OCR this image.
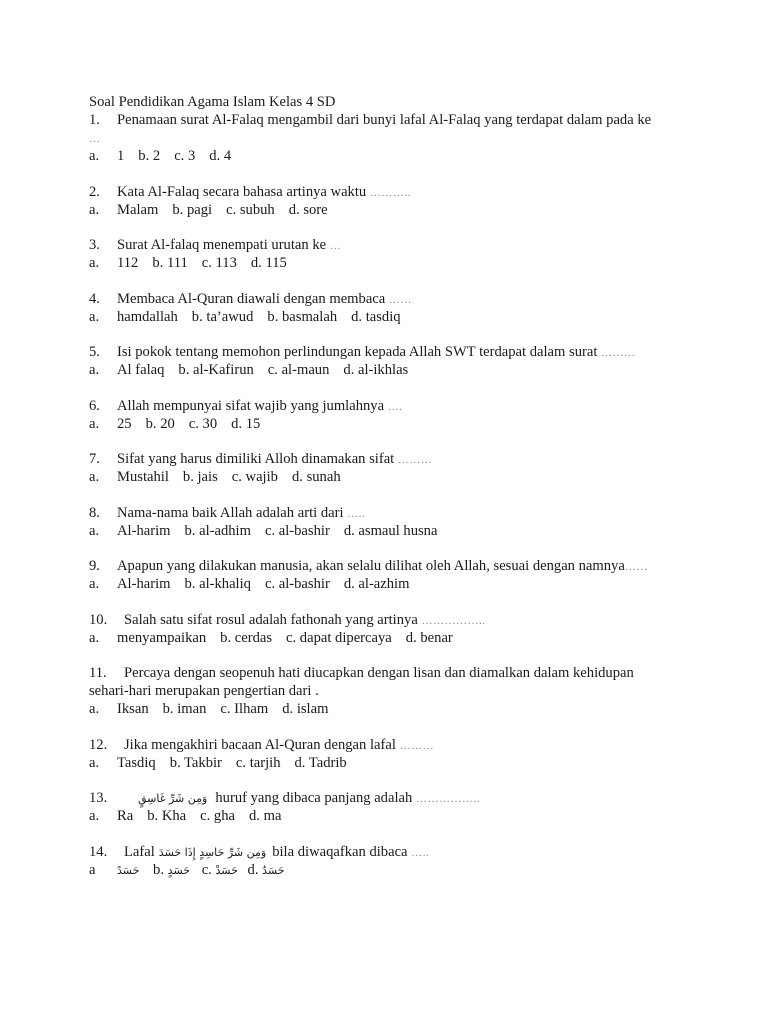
Soal Pendidikan Agama Islam Kelas 4 SD
1. Penamaan surat Al-Falaq mengambil dari bunyi lafal Al-Falaq yang terdapat dalam pada ke
…
a. 1 b. 2 c. 3 d. 4
2. Kata Al-Falaq secara bahasa artinya waktu ………..
a. Malam b. pagi c. subuh d. sore
3. Surat Al-falaq menempati urutan ke …
a. 112 b. 111 c. 113 d. 115
4. Membaca Al-Quran diawali dengan membaca ……
a. hamdallah b. ta’awud b. basmalah d. tasdiq
5. Isi pokok tentang memohon perlindungan kepada Allah SWT terdapat dalam surat ………
a. Al falaq b. al-Kafirun c. al-maun d. al-ikhlas
6. Allah mempunyai sifat wajib yang jumlahnya ….
a. 25 b. 20 c. 30 d. 15
7. Sifat yang harus dimiliki Alloh dinamakan sifat ………
a. Mustahil b. jais c. wajib d. sunah
8. Nama-nama baik Allah adalah arti dari …..
a. Al-harim b. al-adhim c. al-bashir d. asmaul husna
9. Apapun yang dilakukan manusia, akan selalu dilihat oleh Allah, sesuai dengan namnya……
a. Al-harim b. al-khaliq c. al-bashir d. al-azhim
10. Salah satu sifat rosul adalah fathonah yang artinya ……………..
a. menyampaikan b. cerdas c. dapat dipercaya d. benar
11. Percaya dengan seopenuh hati diucapkan dengan lisan dan diamalkan dalam kehidupan
sehari-hari merupakan pengertian dari .
a. Iksan b. iman c. Ilham d. islam
12. Jika mengakhiri bacaan Al-Quran dengan lafal ………
a. Tasdiq b. Takbir c. tarjih d. Tadrib
13.	وَمِن شَرِّ غَاسِقٍ huruf yang dibaca panjang adalah ……………..
a. Ra b. Kha c. gha d. ma
14. Lafal وَمِن شَرِّ حَاسِدٍ إِذَا حَسَدَ bila diwaqafkan dibaca …..
a حَسَدً b. حَسَدٍ c. حَسَدْ d. حَسَدُ
